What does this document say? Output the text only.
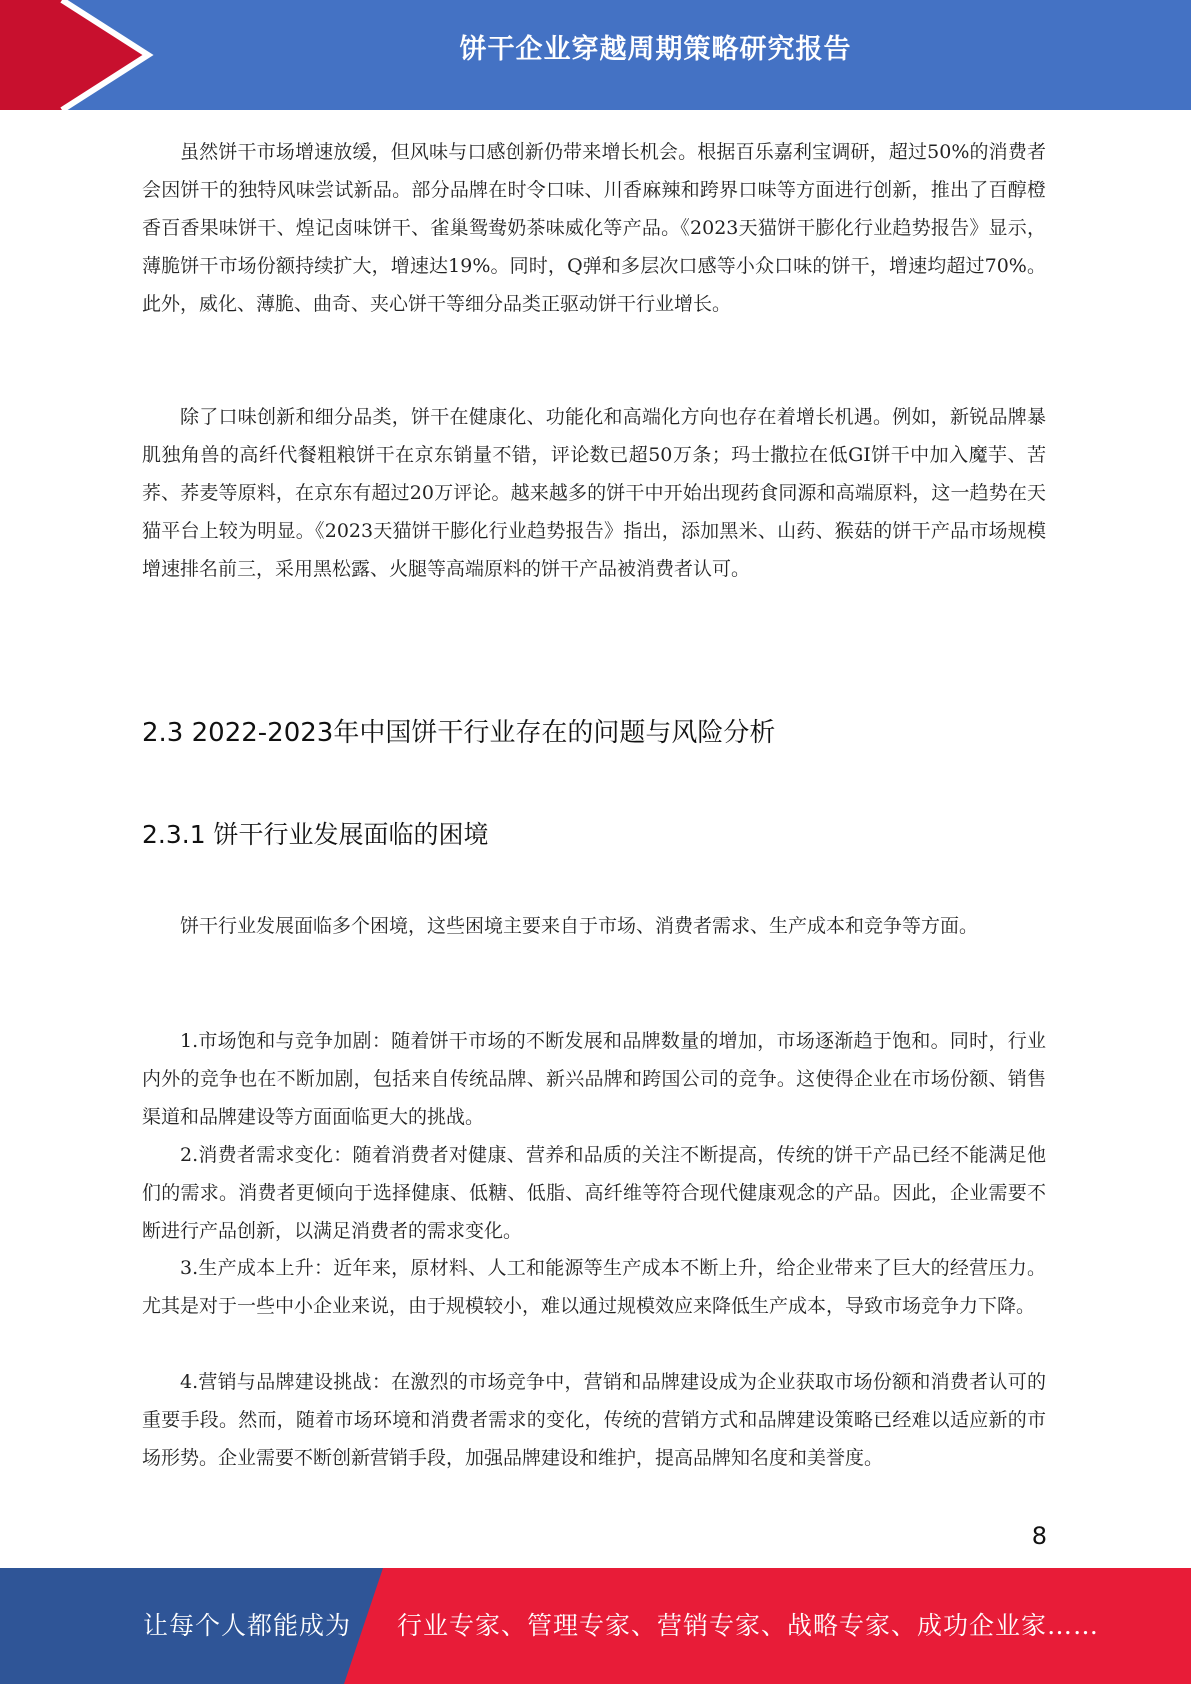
饼干企业穿越周期策略研究报告

虽然饼干市场增速放缓，但风味与口感创新仍带来增长机会。根据百乐嘉利宝调研，超过50%的消费者会因饼干的独特风味尝试新品。部分品牌在时令口味、川香麻辣和跨界口味等方面进行创新，推出了百醇橙香百香果味饼干、煌记卤味饼干、雀巢鸳鸯奶茶味威化等产品。《2023天猫饼干膨化行业趋势报告》显示，薄脆饼干市场份额持续扩大，增速达19%。同时，Q弹和多层次口感等小众口味的饼干，增速均超过70%。此外，威化、薄脆、曲奇、夹心饼干等细分品类正驱动饼干行业增长。

除了口味创新和细分品类，饼干在健康化、功能化和高端化方向也存在着增长机遇。例如，新锐品牌暴肌独角兽的高纤代餐粗粮饼干在京东销量不错，评论数已超50万条；玛士撒拉在低GI饼干中加入魔芋、苦荞、荞麦等原料，在京东有超过20万评论。越来越多的饼干中开始出现药食同源和高端原料，这一趋势在天猫平台上较为明显。《2023天猫饼干膨化行业趋势报告》指出，添加黑米、山药、猴菇的饼干产品市场规模增速排名前三，采用黑松露、火腿等高端原料的饼干产品被消费者认可。

2.3 2022-2023年中国饼干行业存在的问题与风险分析
2.3.1 饼干行业发展面临的困境

饼干行业发展面临多个困境，这些困境主要来自于市场、消费者需求、生产成本和竞争等方面。

1.市场饱和与竞争加剧：随着饼干市场的不断发展和品牌数量的增加，市场逐渐趋于饱和。同时，行业内外的竞争也在不断加剧，包括来自传统品牌、新兴品牌和跨国公司的竞争。这使得企业在市场份额、销售渠道和品牌建设等方面面临更大的挑战。

2.消费者需求变化：随着消费者对健康、营养和品质的关注不断提高，传统的饼干产品已经不能满足他们的需求。消费者更倾向于选择健康、低糖、低脂、高纤维等符合现代健康观念的产品。因此，企业需要不断进行产品创新，以满足消费者的需求变化。

3.生产成本上升：近年来，原材料、人工和能源等生产成本不断上升，给企业带来了巨大的经营压力。尤其是对于一些中小企业来说，由于规模较小，难以通过规模效应来降低生产成本，导致市场竞争力下降。

4.营销与品牌建设挑战：在激烈的市场竞争中，营销和品牌建设成为企业获取市场份额和消费者认可的重要手段。然而，随着市场环境和消费者需求的变化，传统的营销方式和品牌建设策略已经难以适应新的市场形势。企业需要不断创新营销手段，加强品牌建设和维护，提高品牌知名度和美誉度。

8
让每个人都能成为 行业专家、管理专家、营销专家、战略专家、成功企业家……
